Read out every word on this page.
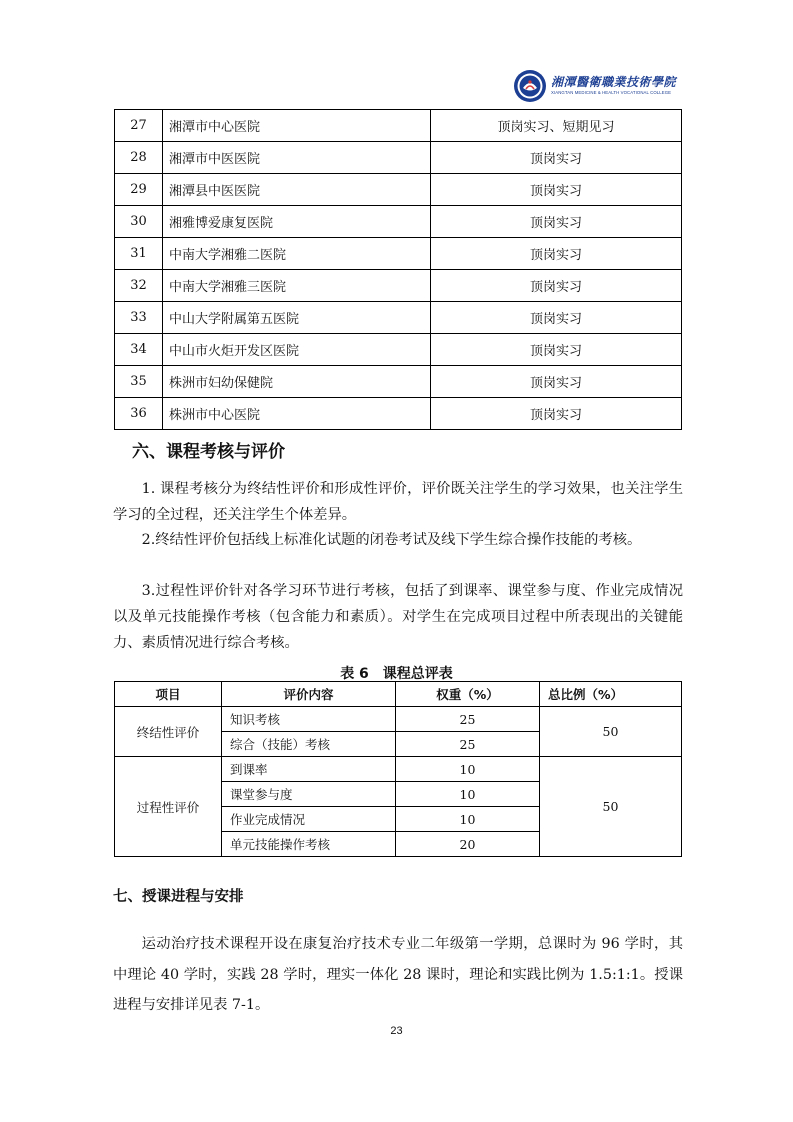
湘潭醫衛職業技術學院
XIANGTAN MEDICINE & HEALTH VOCATIONAL COLLEGE
27	湘潭市中心医院	顶岗实习、短期见习
28	湘潭市中医医院	顶岗实习
29	湘潭县中医医院	顶岗实习
30	湘雅博爱康复医院	顶岗实习
31	中南大学湘雅二医院	顶岗实习
32	中南大学湘雅三医院	顶岗实习
33	中山大学附属第五医院	顶岗实习
34	中山市火炬开发区医院	顶岗实习
35	株洲市妇幼保健院	顶岗实习
36	株洲市中心医院	顶岗实习
六、课程考核与评价

1. 课程考核分为终结性评价和形成性评价，评价既关注学生的学习效果，也关注学生学习的全过程，还关注学生个体差异。

2.终结性评价包括线上标准化试题的闭卷考试及线下学生综合操作技能的考核。

3.过程性评价针对各学习环节进行考核，包括了到课率、课堂参与度、作业完成情况以及单元技能操作考核（包含能力和素质）。对学生在完成项目过程中所表现出的关键能力、素质情况进行综合考核。

表 6　课程总评表
项目	评价内容	权重（%）	总比例（%）
终结性评价	知识考核	25	50
	综合（技能）考核	25	
过程性评价	到课率	10	50
	课堂参与度	10	
	作业完成情况	10	
	单元技能操作考核	20	
七、授课进程与安排

运动治疗技术课程开设在康复治疗技术专业二年级第一学期，总课时为 96 学时，其中理论 40 学时，实践 28 学时，理实一体化 28 课时，理论和实践比例为 1.5:1:1。授课进程与安排详见表 7-1。

23
